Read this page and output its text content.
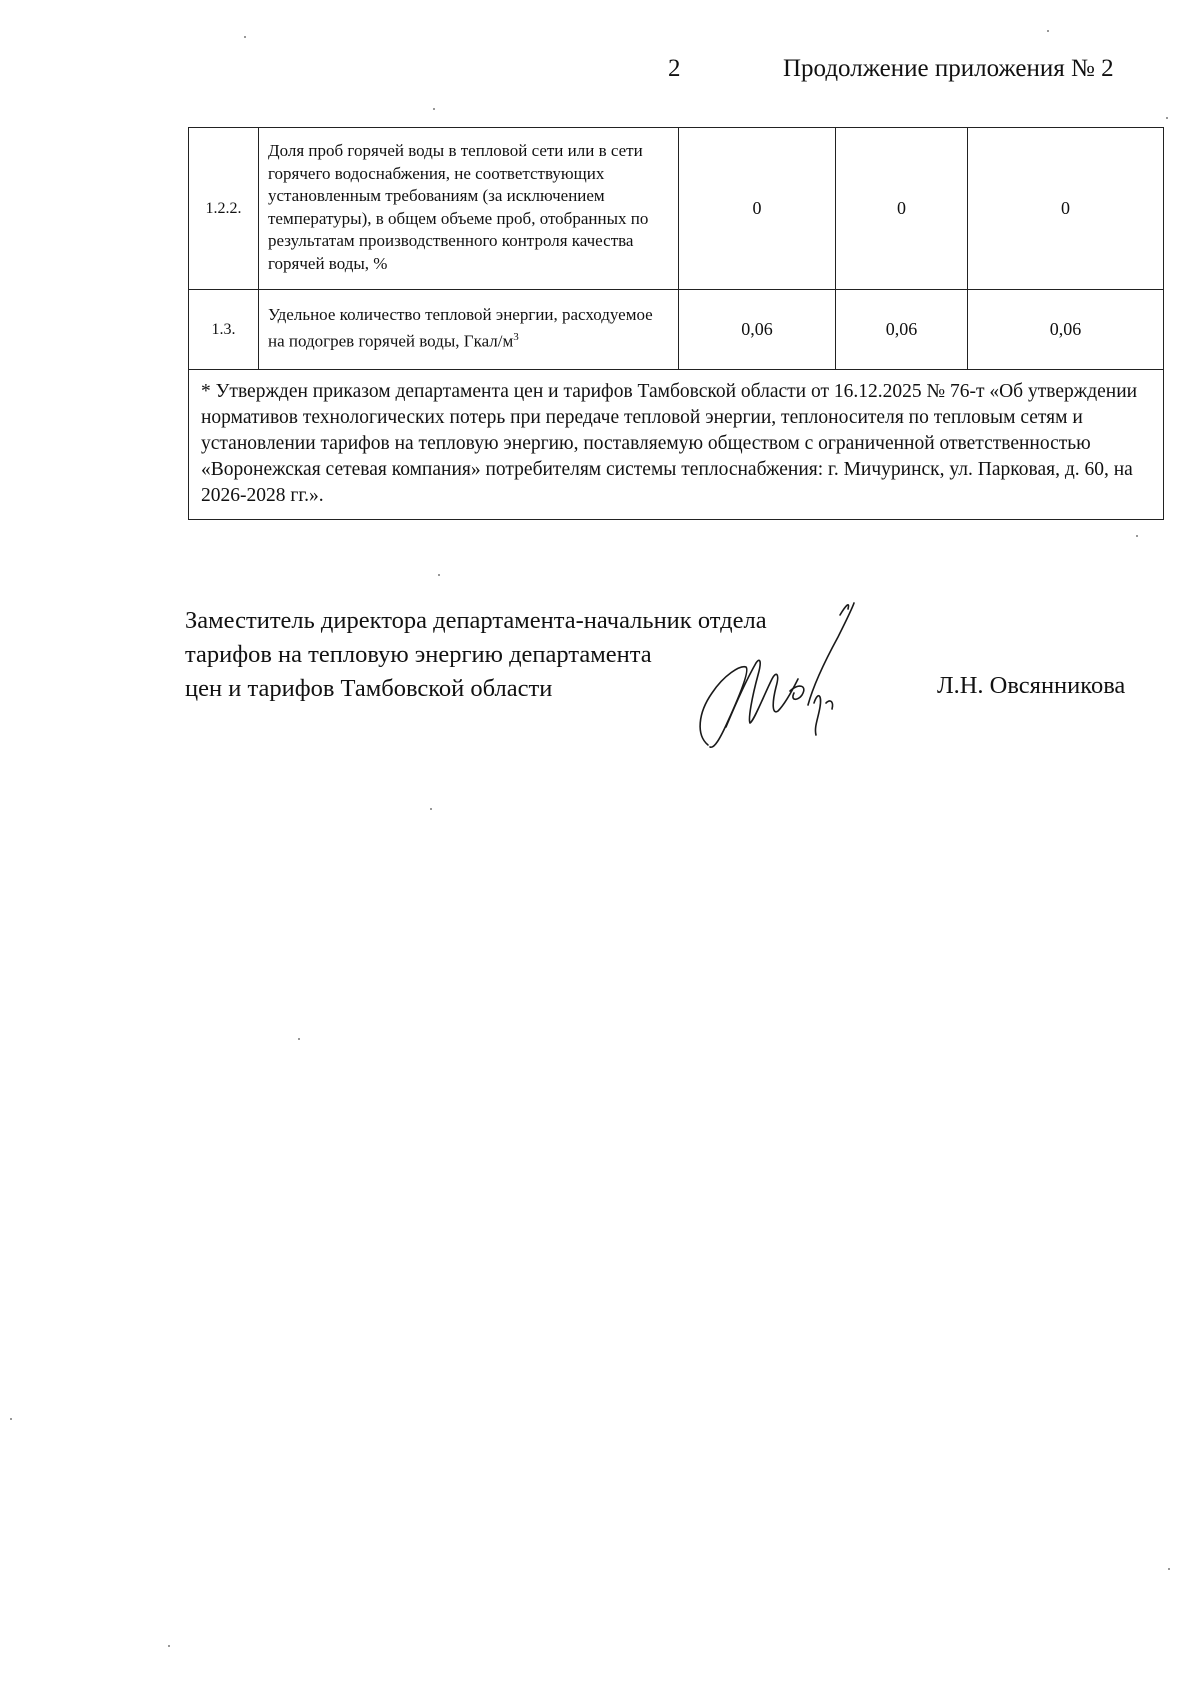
2	Продолжение приложения № 2
1.2.2.	Доля проб горячей воды в тепловой сети или в сети горячего водоснабжения, не соответствующих установленным требованиям (за исключением температуры), в общем объеме проб, отобранных по результатам производственного контроля качества горячей воды, %	0	0	0
1.3.	Удельное количество тепловой энергии, расходуемое на подогрев горячей воды, Гкал/$м^3$	0,06	0,06	0,06
* Утвержден приказом департамента цен и тарифов Тамбовской области от 16.12.2025 № 76-т «Об утверждении нормативов технологических потерь при передаче тепловой энергии, теплоносителя по тепловым сетям и установлении тарифов на тепловую энергию, поставляемую обществом с ограниченной ответственностью «Воронежская сетевая компания» потребителям системы теплоснабжения: г. Мичуринск, ул. Парковая, д. 60, на 2026-2028 гг.».				
Заместитель директора департамента-начальник отдела
тарифов на тепловую энергию департамента
цен и тарифов Тамбовской области	Л.Н. Овсянникова
